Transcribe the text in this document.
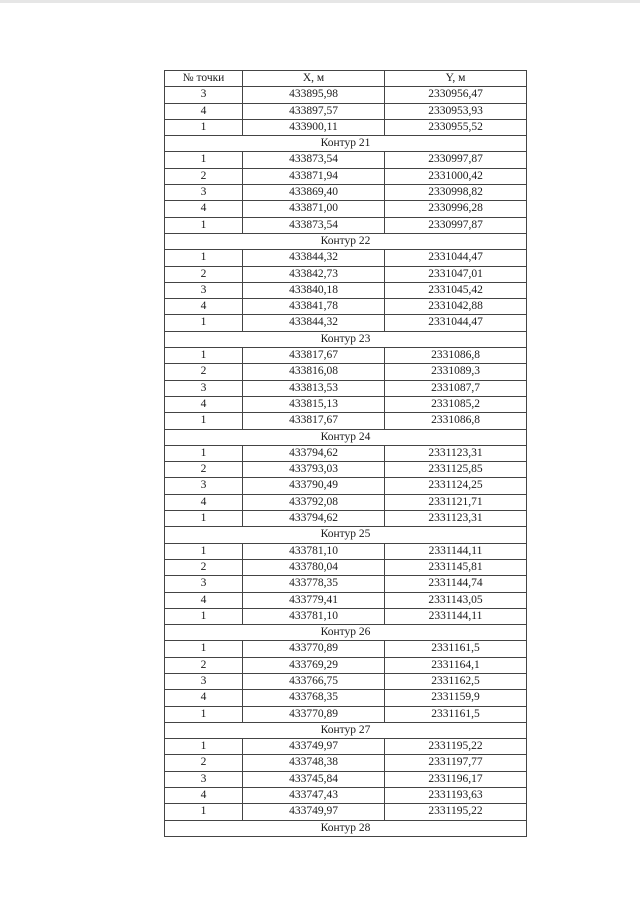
№ точки	X, м	Y, м
3	433895,98	2330956,47
4	433897,57	2330953,93
1	433900,11	2330955,52
Контур 21		
1	433873,54	2330997,87
2	433871,94	2331000,42
3	433869,40	2330998,82
4	433871,00	2330996,28
1	433873,54	2330997,87
Контур 22		
1	433844,32	2331044,47
2	433842,73	2331047,01
3	433840,18	2331045,42
4	433841,78	2331042,88
1	433844,32	2331044,47
Контур 23		
1	433817,67	2331086,8
2	433816,08	2331089,3
3	433813,53	2331087,7
4	433815,13	2331085,2
1	433817,67	2331086,8
Контур 24		
1	433794,62	2331123,31
2	433793,03	2331125,85
3	433790,49	2331124,25
4	433792,08	2331121,71
1	433794,62	2331123,31
Контур 25		
1	433781,10	2331144,11
2	433780,04	2331145,81
3	433778,35	2331144,74
4	433779,41	2331143,05
1	433781,10	2331144,11
Контур 26		
1	433770,89	2331161,5
2	433769,29	2331164,1
3	433766,75	2331162,5
4	433768,35	2331159,9
1	433770,89	2331161,5
Контур 27		
1	433749,97	2331195,22
2	433748,38	2331197,77
3	433745,84	2331196,17
4	433747,43	2331193,63
1	433749,97	2331195,22
Контур 28		
